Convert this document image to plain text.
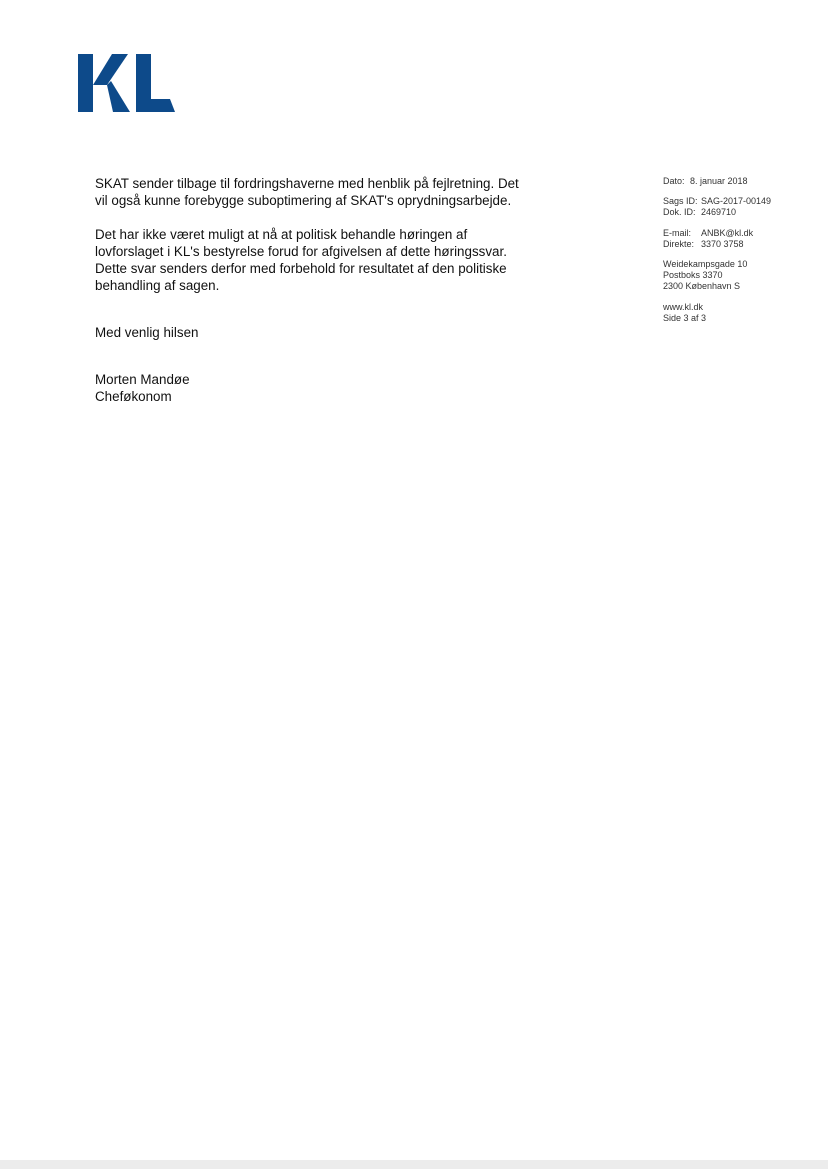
SKAT sender tilbage til fordringshaverne med henblik på fejlretning. Det
vil også kunne forebygge suboptimering af SKAT's oprydningsarbejde.

Det har ikke været muligt at nå at politisk behandle høringen af
lovforslaget i KL's bestyrelse forud for afgivelsen af dette høringssvar.
Dette svar senders derfor med forbehold for resultatet af den politiske
behandling af sagen.

Med venlig hilsen

Morten Mandøe
Cheføkonom
Dato: 8. januar 2018
Sags ID: SAG-2017-00149
Dok. ID: 2469710
E-mail: ANBK@kl.dk
Direkte: 3370 3758
Weidekampsgade 10
Postboks 3370
2300 København S
www.kl.dk
Side 3 af 3
